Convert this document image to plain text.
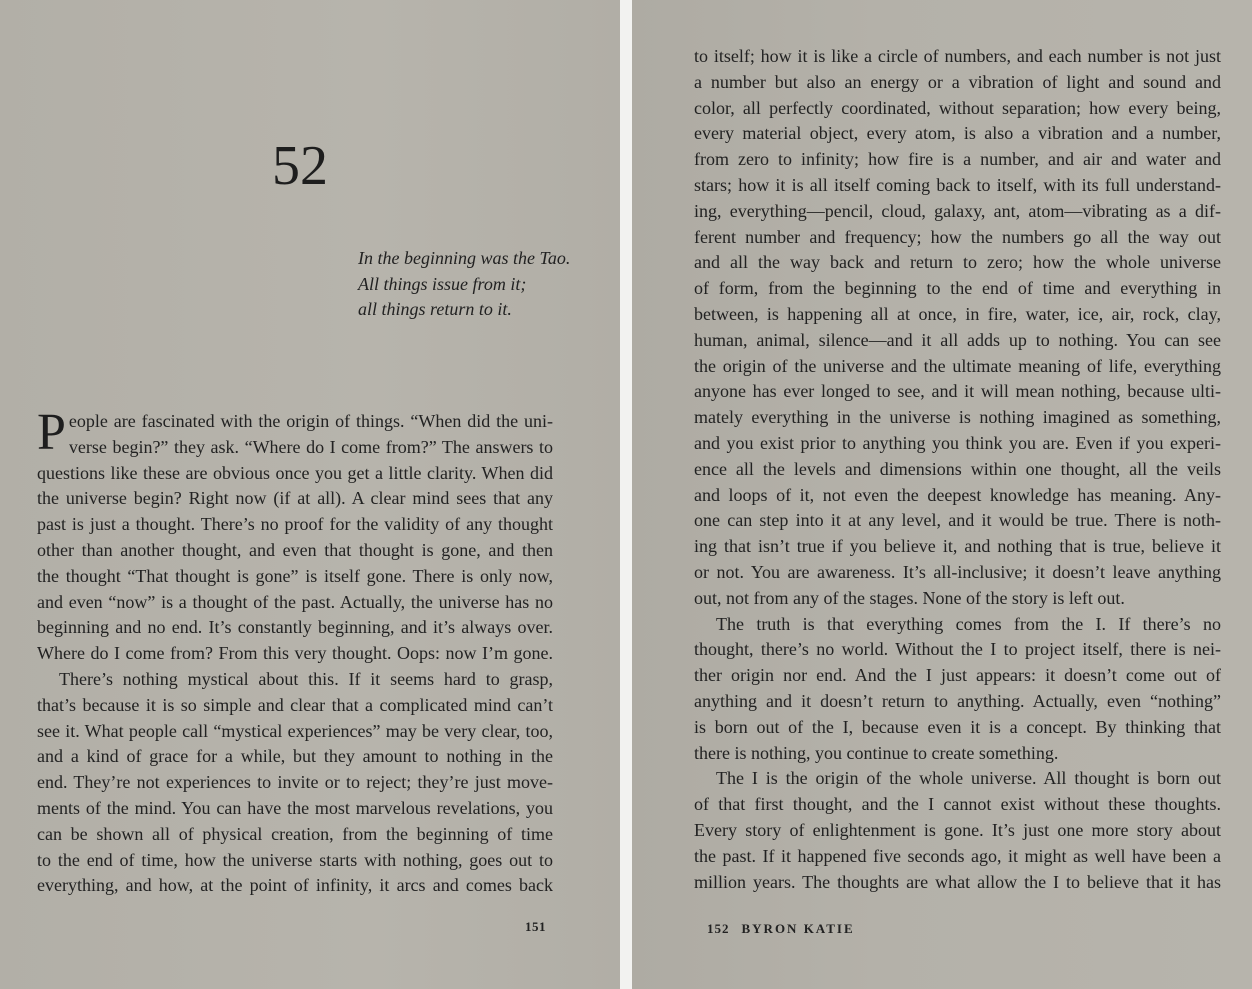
52
In the beginning was the Tao.
All things issue from it;
all things return to it.
P eople are fascinated with the origin of things. “When did the uni-
verse begin?” they ask. “Where do I come from?” The answers to
questions like these are obvious once you get a little clarity. When did
the universe begin? Right now (if at all). A clear mind sees that any
past is just a thought. There’s no proof for the validity of any thought
other than another thought, and even that thought is gone, and then
the thought “That thought is gone” is itself gone. There is only now,
and even “now” is a thought of the past. Actually, the universe has no
beginning and no end. It’s constantly beginning, and it’s always over.
Where do I come from? From this very thought. Oops: now I’m gone.
There’s nothing mystical about this. If it seems hard to grasp,
that’s because it is so simple and clear that a complicated mind can’t
see it. What people call “mystical experiences” may be very clear, too,
and a kind of grace for a while, but they amount to nothing in the
end. They’re not experiences to invite or to reject; they’re just move-
ments of the mind. You can have the most marvelous revelations, you
can be shown all of physical creation, from the beginning of time
to the end of time, how the universe starts with nothing, goes out to
everything, and how, at the point of infinity, it arcs and comes back
151
to itself; how it is like a circle of numbers, and each number is not just
a number but also an energy or a vibration of light and sound and
color, all perfectly coordinated, without separation; how every being,
every material object, every atom, is also a vibration and a number,
from zero to infinity; how fire is a number, and air and water and
stars; how it is all itself coming back to itself, with its full understand-
ing, everything—pencil, cloud, galaxy, ant, atom—vibrating as a dif-
ferent number and frequency; how the numbers go all the way out
and all the way back and return to zero; how the whole universe
of form, from the beginning to the end of time and everything in
between, is happening all at once, in fire, water, ice, air, rock, clay,
human, animal, silence—and it all adds up to nothing. You can see
the origin of the universe and the ultimate meaning of life, everything
anyone has ever longed to see, and it will mean nothing, because ulti-
mately everything in the universe is nothing imagined as something,
and you exist prior to anything you think you are. Even if you experi-
ence all the levels and dimensions within one thought, all the veils
and loops of it, not even the deepest knowledge has meaning. Any-
one can step into it at any level, and it would be true. There is noth-
ing that isn’t true if you believe it, and nothing that is true, believe it
or not. You are awareness. It’s all-inclusive; it doesn’t leave anything
out, not from any of the stages. None of the story is left out.
The truth is that everything comes from the I. If there’s no
thought, there’s no world. Without the I to project itself, there is nei-
ther origin nor end. And the I just appears: it doesn’t come out of
anything and it doesn’t return to anything. Actually, even “nothing”
is born out of the I, because even it is a concept. By thinking that
there is nothing, you continue to create something.
The I is the origin of the whole universe. All thought is born out
of that first thought, and the I cannot exist without these thoughts.
Every story of enlightenment is gone. It’s just one more story about
the past. If it happened five seconds ago, it might as well have been a
million years. The thoughts are what allow the I to believe that it has
152 BYRON KATIE
